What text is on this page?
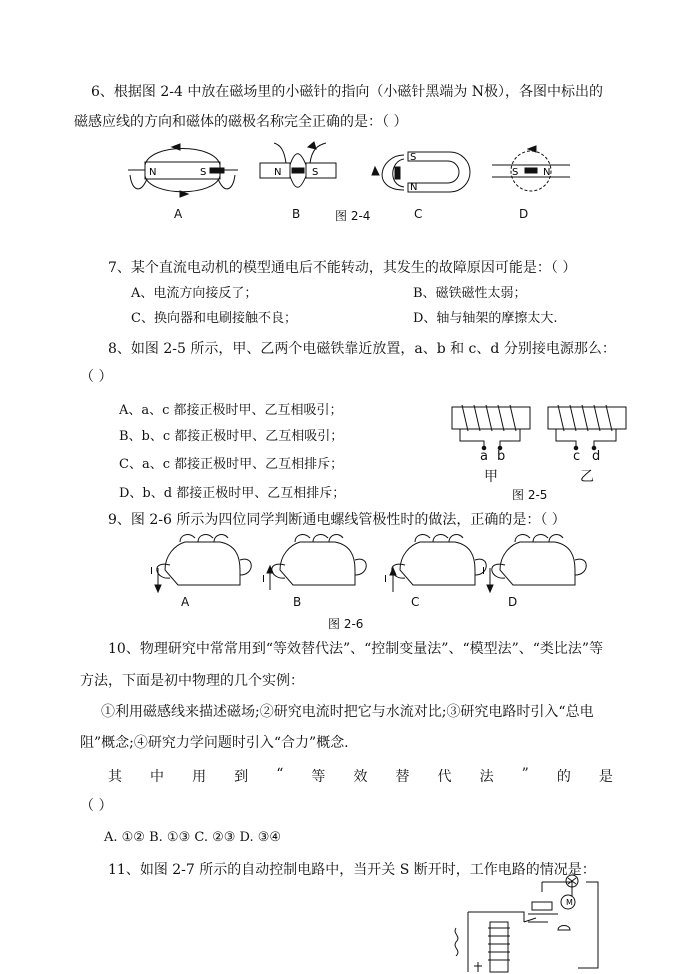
6、根据图 2-4 中放在磁场里的小磁针的指向（小磁针黑端为 N极），各图中标出的
磁感应线的方向和磁体的磁极名称完全正确的是：（ ）
N	S	N	S
S
N
S N
A	B	图 2-4	C	D
7、某个直流电动机的模型通电后不能转动，其发生的故障原因可能是：（ ）
A、电流方向接反了；	B、磁铁磁性太弱；
C、换向器和电刷接触不良；	D、轴与轴架的摩擦太大.
8、如图 2-5 所示，甲、乙两个电磁铁靠近放置，a、b 和 c、d 分别接电源那么：
（ ）
A、a、c 都接正极时甲、乙互相吸引；
B、b、c 都接正极时甲、乙互相吸引；
C、a、c 都接正极时甲、乙互相排斥；
D、b、d 都接正极时甲、乙互相排斥；
a b	c d
甲	乙
图 2-5
9、图 2-6 所示为四位同学判断通电螺线管极性时的做法，正确的是：（ ）
I
I	I
I
A	B	C	D
图 2-6
10、物理研究中常常用到“等效替代法”、“控制变量法”、“模型法”、“类比法”等
方法，下面是初中物理的几个实例：
①利用磁感线来描述磁场;②研究电流时把它与水流对比;③研究电路时引入“总电
阻”概念;④研究力学问题时引入“合力”概念.
其 中 用 到 “ 等 效 替 代 法 ” 的 是
（ ）
A. ①② B. ①③ C. ②③ D. ③④
11、如图 2-7 所示的自动控制电路中，当开关 S 断开时，工作电路的情况是：
M
